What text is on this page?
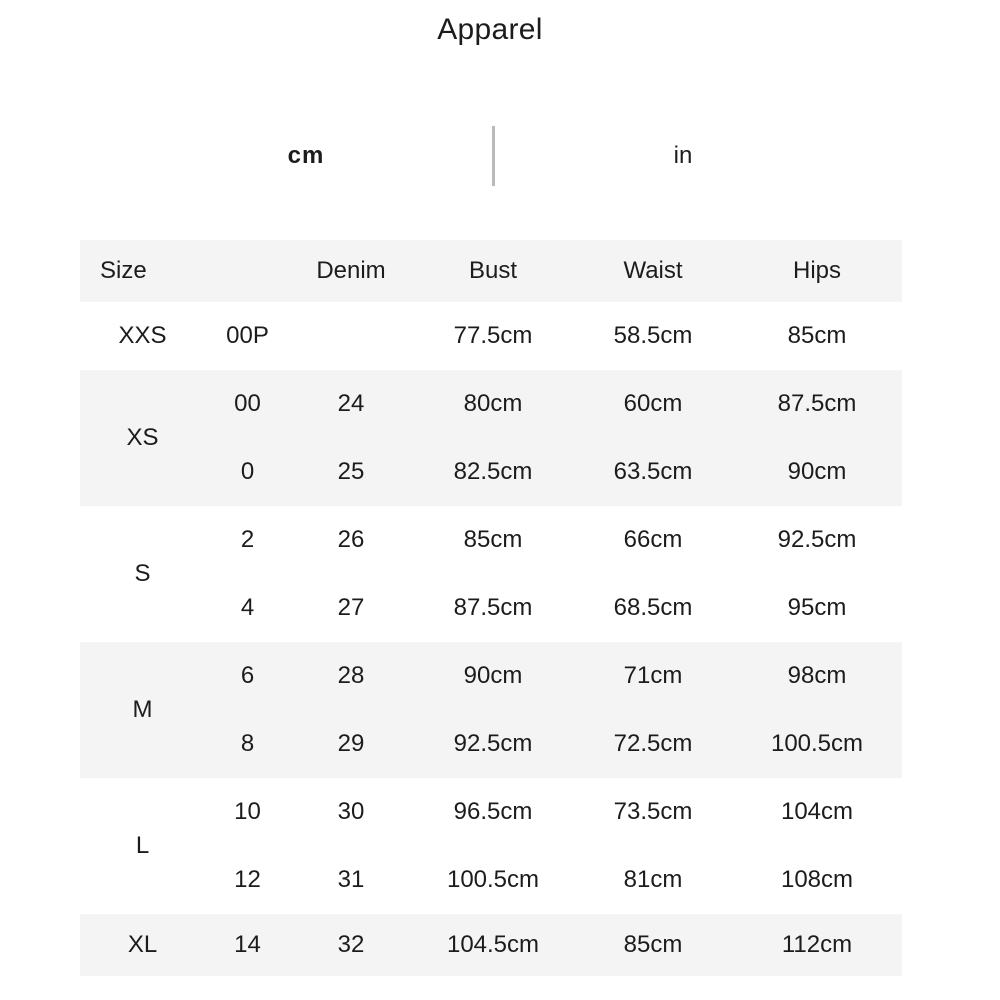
Apparel
cm	in
Size		Denim	Bust	Waist	Hips
XXS	00P		77.5cm	58.5cm	85cm
XS	00	24	80cm	60cm	87.5cm
	0	25	82.5cm	63.5cm	90cm
S	2	26	85cm	66cm	92.5cm
	4	27	87.5cm	68.5cm	95cm
M	6	28	90cm	71cm	98cm
	8	29	92.5cm	72.5cm	100.5cm
L	10	30	96.5cm	73.5cm	104cm
	12	31	100.5cm	81cm	108cm
XL	14	32	104.5cm	85cm	112cm
